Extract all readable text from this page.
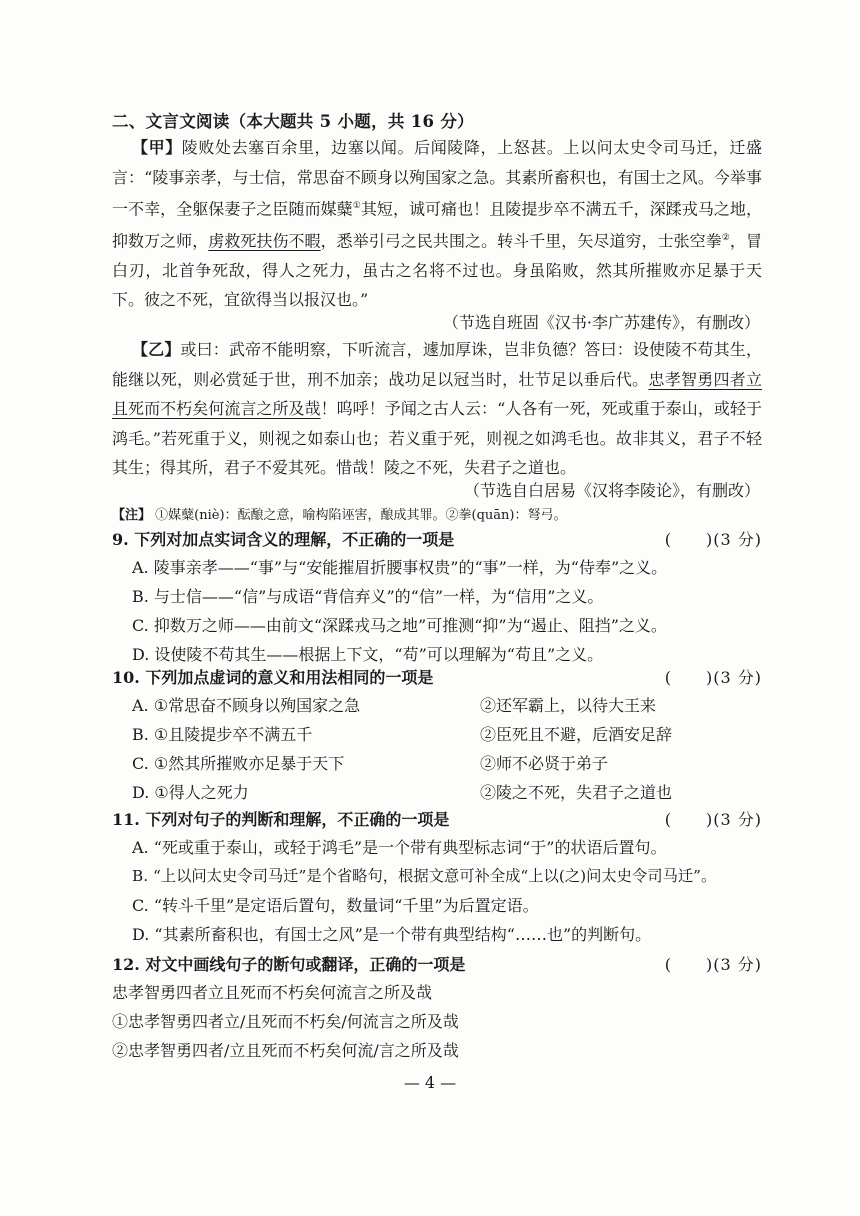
二、文言文阅读（本大题共 5 小题，共 16 分）

【甲】陵败处去塞百余里，边塞以闻。后闻陵降，上怒甚。上以问太史令司马迁，迁盛言：“陵事亲孝，与士信，常思奋不顾身以殉国家之急。其素所畜积也，有国士之风。今举事一不幸，全躯保妻子之臣随而媒糵①其短，诚可痛也！且陵提步卒不满五千，深蹂戎马之地，抑数万之师，虏救死扶伤不暇，悉举引弓之民共围之。转斗千里，矢尽道穷，士张空拳②，冒白刃，北首争死敌，得人之死力，虽古之名将不过也。身虽陷败，然其所摧败亦足暴于天下。彼之不死，宜欲得当以报汉也。”

（节选自班固《汉书·李广苏建传》，有删改）

【乙】或曰：武帝不能明察，下听流言，遽加厚诛，岂非负德？答曰：设使陵不苟其生，能继以死，则必赏延于世，刑不加亲；战功足以冠当时，壮节足以垂后代。忠孝智勇四者立且死而不朽矣何流言之所及哉！呜呼！予闻之古人云：“人各有一死，死或重于泰山，或轻于鸿毛。”若死重于义，则视之如泰山也；若义重于死，则视之如鸿毛也。故非其义，君子不轻其生；得其所，君子不爱其死。惜哉！陵之不死，失君子之道也。

（节选自白居易《汉将李陵论》，有删改）
【注】 ①媒糵(niè)：酝酿之意，喻构陷诬害，酿成其罪。②拳(quān)：弩弓。
9. 下列对加点实词含义的理解，不正确的一项是	(　　)(3 分)
A. 陵事亲孝——“事”与“安能摧眉折腰事权贵”的“事”一样，为“侍奉”之义。
B. 与士信——“信”与成语“背信弃义”的“信”一样，为“信用”之义。
C. 抑数万之师——由前文“深蹂戎马之地”可推测“抑”为“遏止、阻挡”之义。
D. 设使陵不苟其生——根据上下文，“苟”可以理解为“苟且”之义。
10. 下列加点虚词的意义和用法相同的一项是	(　　)(3 分)
A. ①常思奋不顾身以殉国家之急	②还军霸上，以待大王来
B. ①且陵提步卒不满五千	②臣死且不避，卮酒安足辞
C. ①然其所摧败亦足暴于天下	②师不必贤于弟子
D. ①得人之死力	②陵之不死，失君子之道也
11. 下列对句子的判断和理解，不正确的一项是	(　　)(3 分)
A. “死或重于泰山，或轻于鸿毛”是一个带有典型标志词“于”的状语后置句。
B. “上以问太史令司马迁”是个省略句，根据文意可补全成“上以(之)问太史令司马迁”。
C. “转斗千里”是定语后置句，数量词“千里”为后置定语。
D. “其素所畜积也，有国士之风”是一个带有典型结构“……也”的判断句。
12. 对文中画线句子的断句或翻译，正确的一项是	(　　)(3 分)
忠孝智勇四者立且死而不朽矣何流言之所及哉
①忠孝智勇四者立/且死而不朽矣/何流言之所及哉
②忠孝智勇四者/立且死而不朽矣何流/言之所及哉
— 4 —
